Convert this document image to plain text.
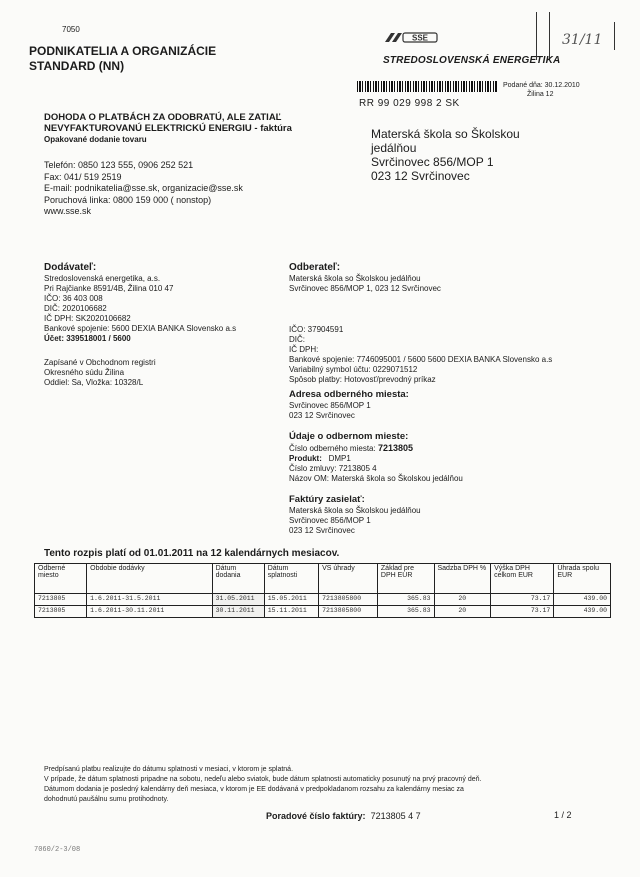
7050
PODNIKATELIA A ORGANIZÁCIE
STANDARD (NN)
31/11
SSE
STREDOSLOVENSKÁ ENERGETIKA
Podané dňa: 30.12.2010
Žilina 12
RR 99 029 998 2 SK
DOHODA O PLATBÁCH ZA ODOBRATÚ, ALE ZATIAĽ
NEVYFAKTUROVANÚ ELEKTRICKÚ ENERGIU - faktúra
Opakované dodanie tovaru	Materská škola so Školskou
jedálňou
Svrčinovec 856/MOP 1
023 12 Svrčinovec
Telefón: 0850 123 555, 0906 252 521
Fax: 041/ 519 2519
E-mail: podnikatelia@sse.sk, organizacie@sse.sk
Poruchová linka: 0800 159 000 ( nonstop)
www.sse.sk
Dodávateľ:
Stredoslovenská energetika, a.s.
Pri Rajčianke 8591/4B, Žilina 010 47
IČO: 36 403 008
DIČ: 2020106682
IČ DPH: SK2020106682
Bankové spojenie: 5600 DEXIA BANKA Slovensko a.s
Účet: 339518001 / 5600
Zapísané v Obchodnom registri
Okresného súdu Žilina
Oddiel: Sa, Vložka: 10328/L
Odberateľ:
Materská škola so Školskou jedálňou
Svrčinovec 856/MOP 1, 023 12 Svrčinovec
IČO: 37904591
DIČ:
IČ DPH:
Bankové spojenie: 7746095001 / 5600 5600 DEXIA BANKA Slovensko a.s
Variabilný symbol účtu: 0229071512
Spôsob platby: Hotovosť/prevodný príkaz
Adresa odberného miesta:
Svrčinovec 856/MOP 1
023 12 Svrčinovec
Údaje o odbernom mieste:
Číslo odberného miesta: 7213805
Produkt: DMP1
Číslo zmluvy: 7213805 4
Názov OM: Materská škola so Školskou jedálňou
Faktúry zasielať:
Materská škola so Školskou jedálňou
Svrčinovec 856/MOP 1
023 12 Svrčinovec
Tento rozpis platí od 01.01.2011 na 12 kalendárnych mesiacov.
Odberné miesto	Obdobie dodávky	Dátum dodania	Dátum splatnosti	VS úhrady	Základ pre DPH EUR	Sadzba DPH %	Výška DPH celkom EUR	Úhrada spolu EUR
7213805	1.6.2011-31.5.2011	31.05.2011	15.05.2011	7213805800	365.83	20	73.17	439.00
7213805	1.6.2011-30.11.2011	30.11.2011	15.11.2011	7213805800	365.83	20	73.17	439.00
Predpísanú platbu realizujte do dátumu splatnosti v mesiaci, v ktorom je splatná.
V prípade, že dátum splatnosti pripadne na sobotu, nedeľu alebo sviatok, bude dátum splatnosti automaticky posunutý na prvý pracovný deň.
Dátumom dodania je posledný kalendárny deň mesiaca, v ktorom je EE dodávaná v predpokladanom rozsahu za kalendárny mesiac za
dohodnutú paušálnu sumu protihodnoty.
Poradové číslo faktúry: 7213805 4 7	1 / 2
7060/2-3/08
